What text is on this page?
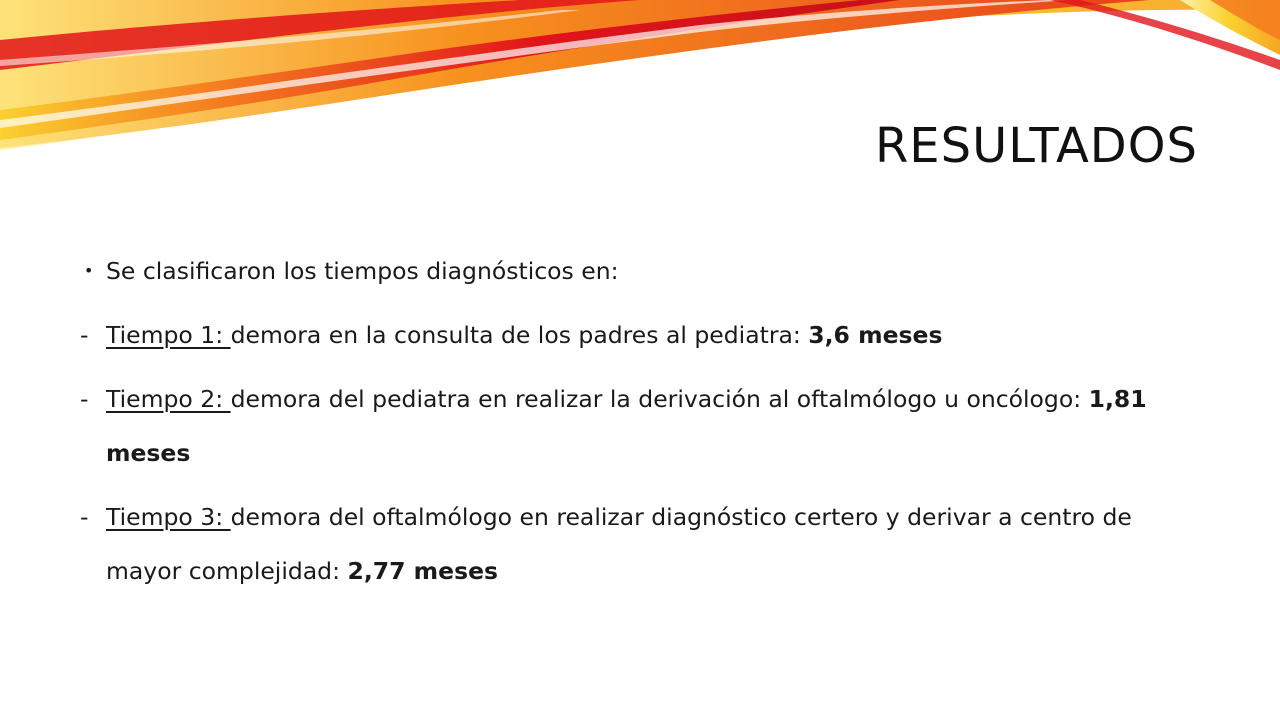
RESULTADOS
• Se clasificaron los tiempos diagnósticos en:
- Tiempo 1: demora en la consulta de los padres al pediatra: 3,6 meses
- Tiempo 2: demora del pediatra en realizar la derivación al oftalmólogo u oncólogo: 1,81 meses
- Tiempo 3: demora del oftalmólogo en realizar diagnóstico certero y derivar a centro de mayor complejidad: 2,77 meses
